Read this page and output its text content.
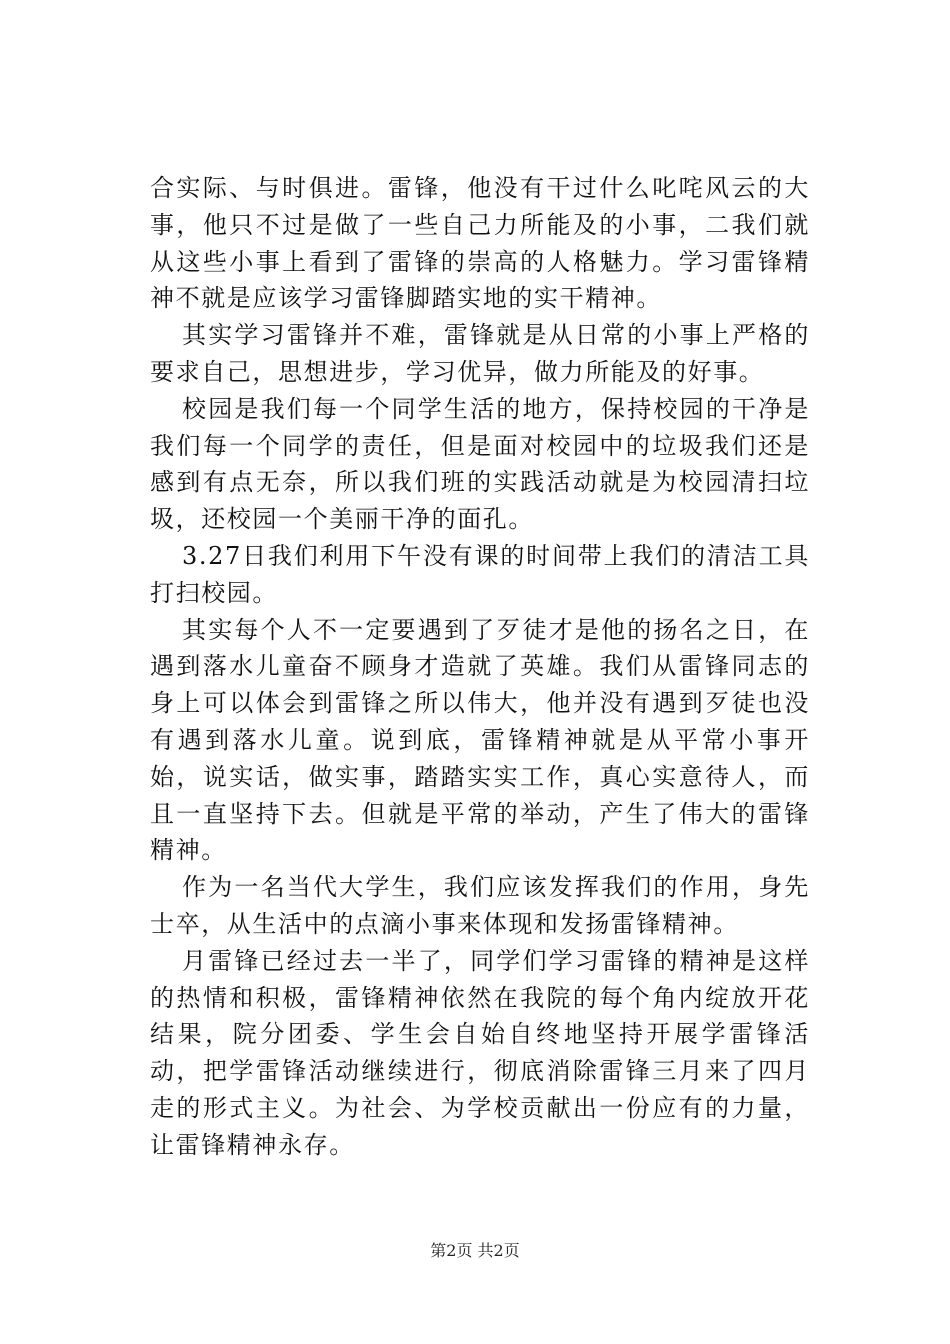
合实际、与时俱进。雷锋，他没有干过什么叱咤风云的大事，他只不过是做了一些自己力所能及的小事，二我们就从这些小事上看到了雷锋的崇高的人格魅力。学习雷锋精神不就是应该学习雷锋脚踏实地的实干精神。

其实学习雷锋并不难，雷锋就是从日常的小事上严格的要求自己，思想进步，学习优异，做力所能及的好事。

校园是我们每一个同学生活的地方，保持校园的干净是我们每一个同学的责任，但是面对校园中的垃圾我们还是感到有点无奈，所以我们班的实践活动就是为校园清扫垃圾，还校园一个美丽干净的面孔。

3.27日我们利用下午没有课的时间带上我们的清洁工具打扫校园。

其实每个人不一定要遇到了歹徒才是他的扬名之日，在遇到落水儿童奋不顾身才造就了英雄。我们从雷锋同志的身上可以体会到雷锋之所以伟大，他并没有遇到歹徒也没有遇到落水儿童。说到底，雷锋精神就是从平常小事开始，说实话，做实事，踏踏实实工作，真心实意待人，而且一直坚持下去。但就是平常的举动，产生了伟大的雷锋精神。

作为一名当代大学生，我们应该发挥我们的作用，身先士卒，从生活中的点滴小事来体现和发扬雷锋精神。

月雷锋已经过去一半了，同学们学习雷锋的精神是这样的热情和积极，雷锋精神依然在我院的每个角内绽放开花结果，院分团委、学生会自始自终地坚持开展学雷锋活动，把学雷锋活动继续进行，彻底消除雷锋三月来了四月走的形式主义。为社会、为学校贡献出一份应有的力量，让雷锋精神永存。

第2页 共2页
